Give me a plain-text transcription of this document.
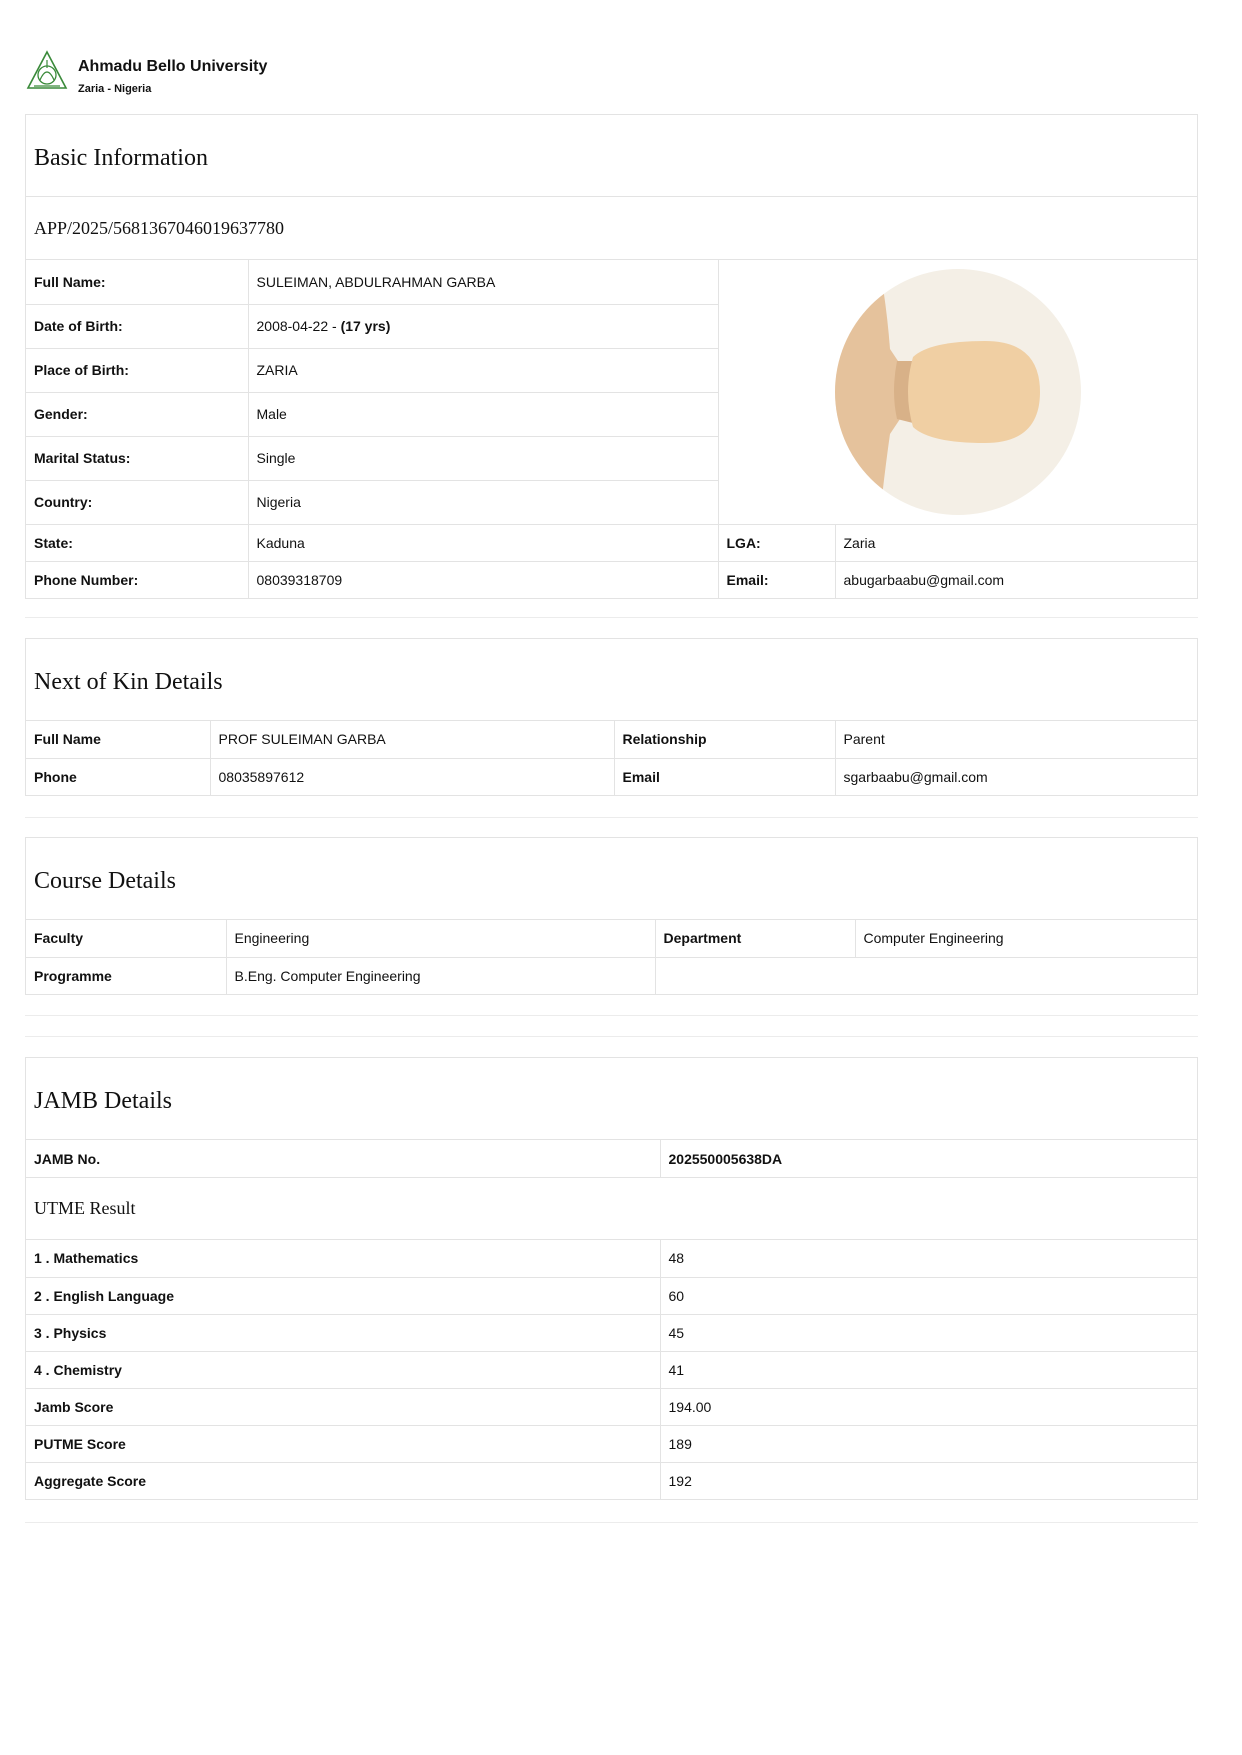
Ahmadu Bello University
Zaria - Nigeria
Basic Information
APP/2025/5681367046019637780
Full Name:	SULEIMAN, ABDULRAHMAN GARBA	

Date of Birth:	2008-04-22 - (17 yrs)		
Place of Birth:	ZARIA		
Gender:	Male		
Marital Status:	Single		
Country:	Nigeria		
State:	Kaduna	LGA:	Zaria
Phone Number:	08039318709	Email:	abugarbaabu@gmail.com
Next of Kin Details
Full Name	PROF SULEIMAN GARBA	Relationship	Parent
Phone	08035897612	Email	sgarbaabu@gmail.com
Course Details
Faculty	Engineering	Department	Computer Engineering
Programme	B.Eng. Computer Engineering		
JAMB Details
JAMB No.	202550005638DA
UTME Result
1 . Mathematics	48
2 . English Language	60
3 . Physics	45
4 . Chemistry	41
Jamb Score	194.00
PUTME Score	189
Aggregate Score	192
